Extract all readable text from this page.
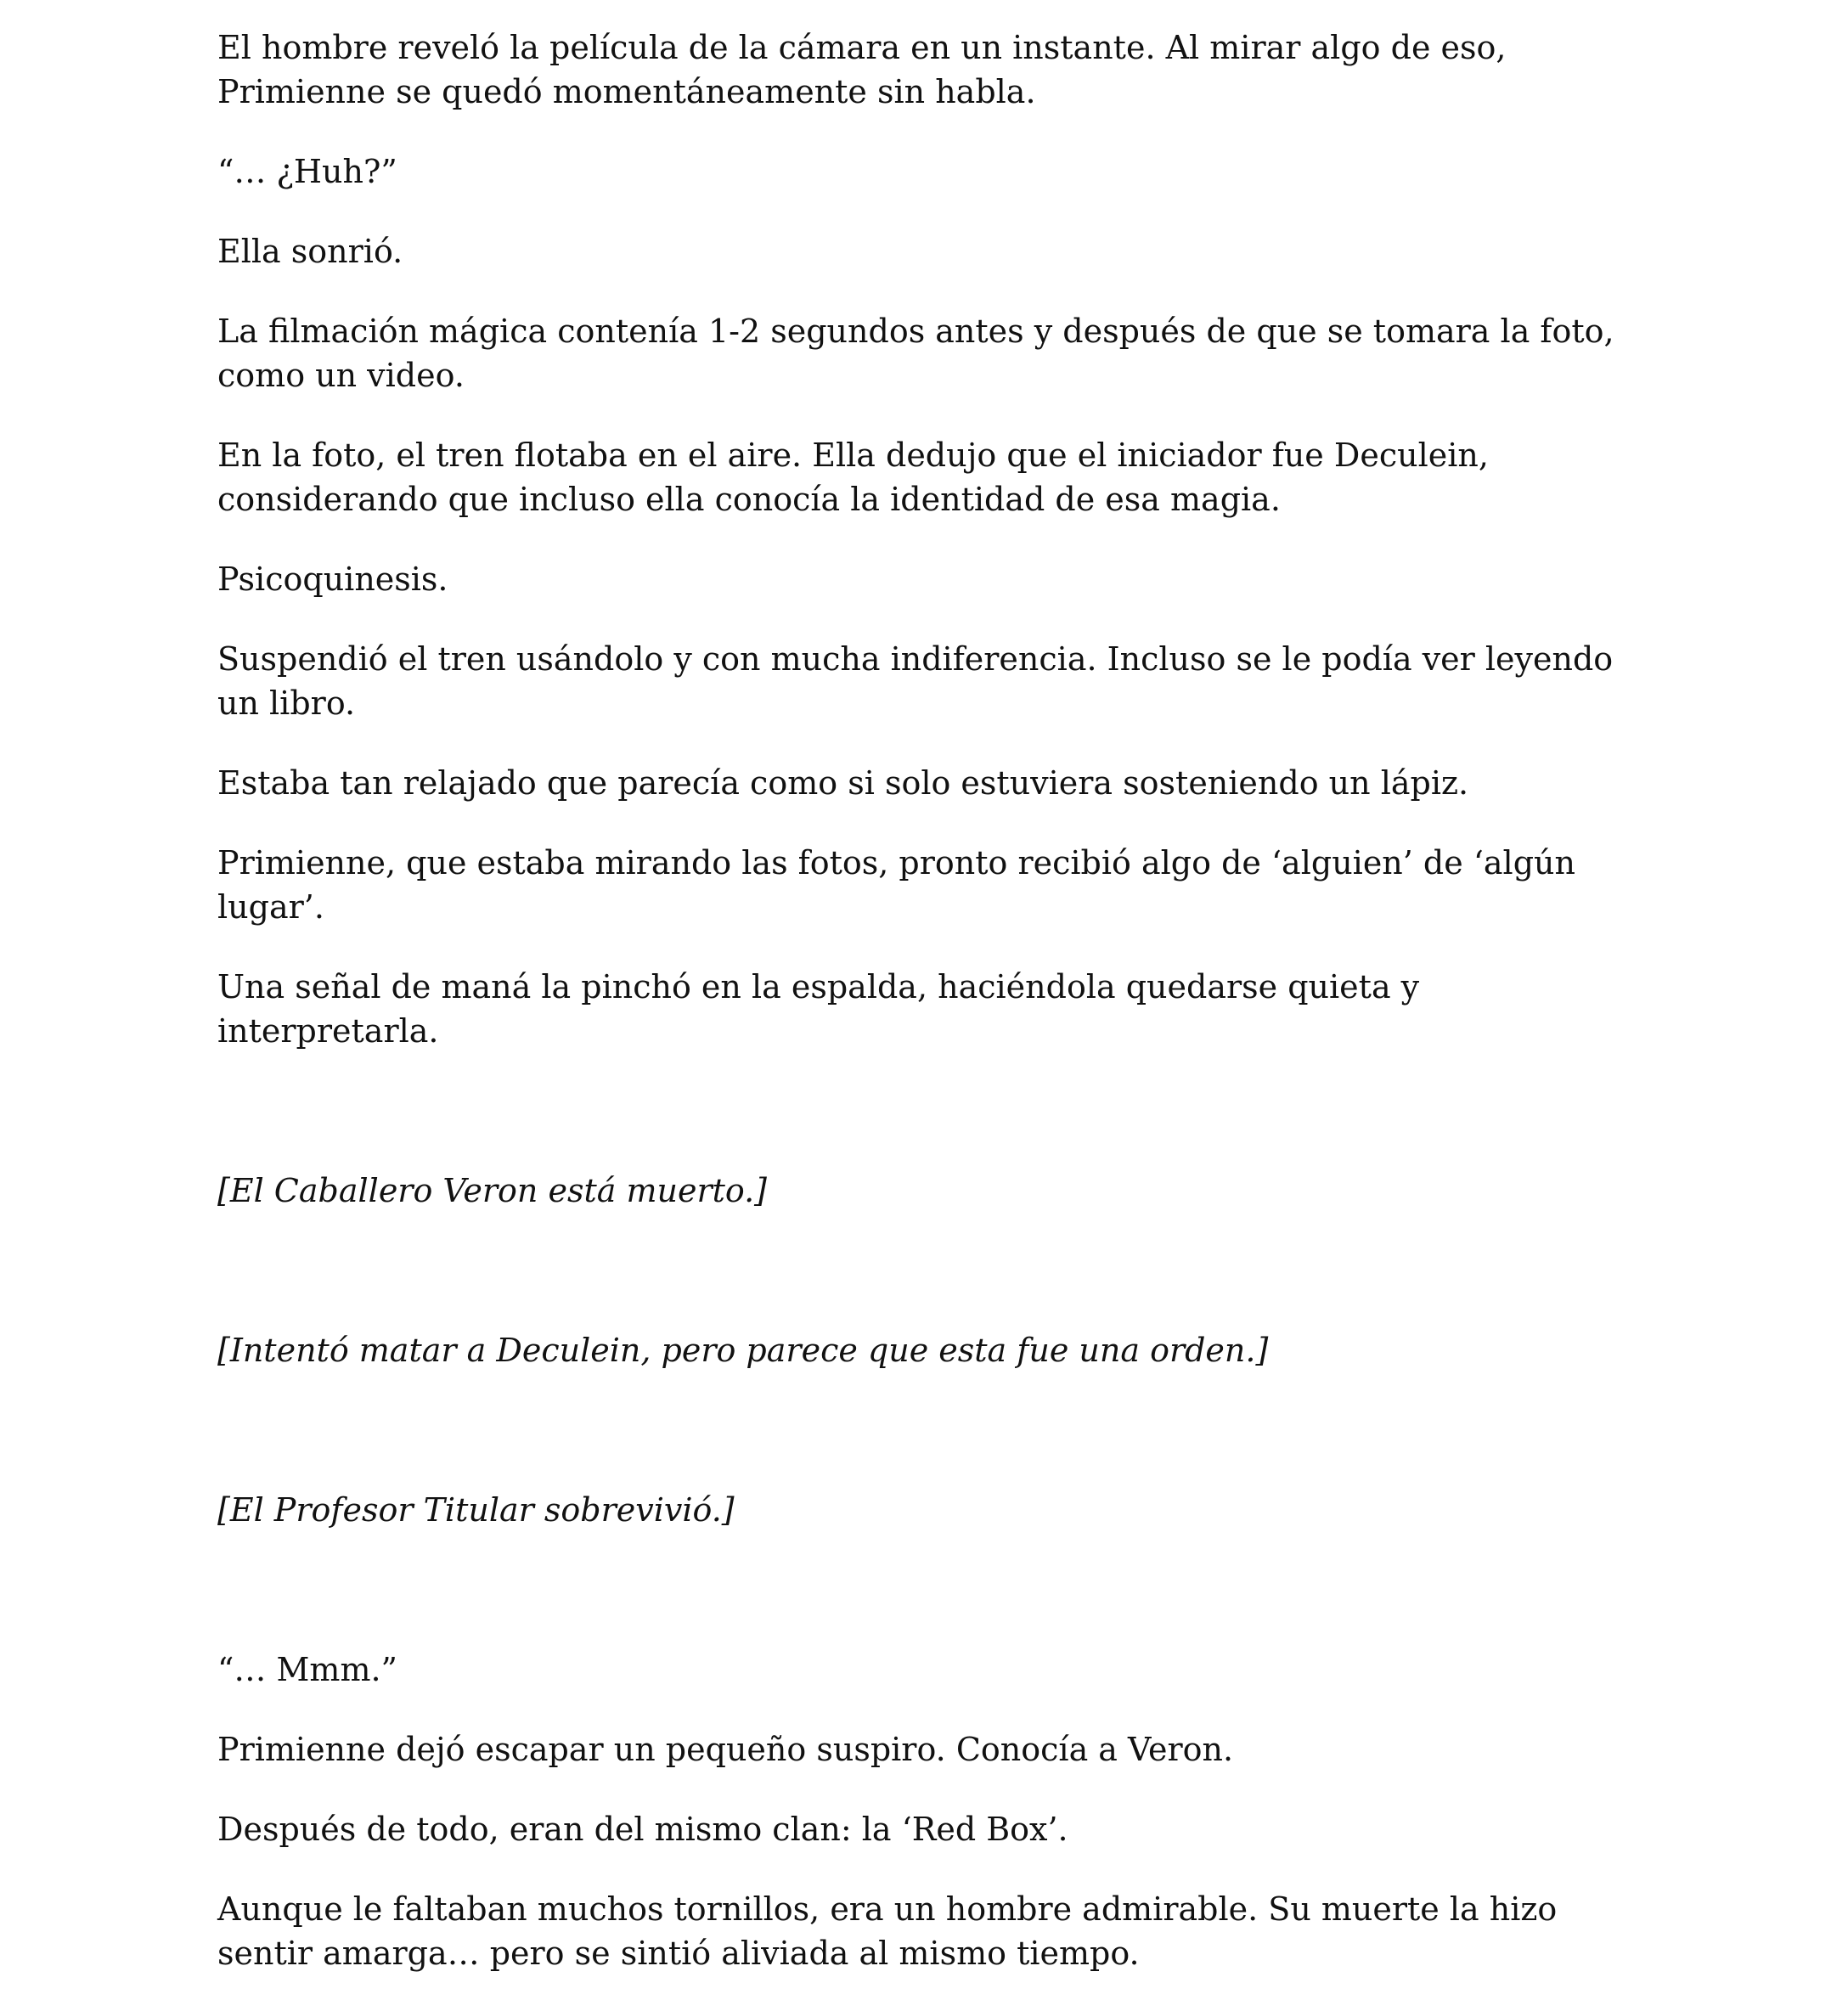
El hombre reveló la película de la cámara en un instante. Al mirar algo de eso, Primienne se quedó momentáneamente sin habla.

“… ¿Huh?”

Ella sonrió.

La filmación mágica contenía 1-2 segundos antes y después de que se tomara la foto, como un video.

En la foto, el tren flotaba en el aire. Ella dedujo que el iniciador fue Deculein, considerando que incluso ella conocía la identidad de esa magia.

Psicoquinesis.

Suspendió el tren usándolo y con mucha indiferencia. Incluso se le podía ver leyendo un libro.

Estaba tan relajado que parecía como si solo estuviera sosteniendo un lápiz.

Primienne, que estaba mirando las fotos, pronto recibió algo de ‘alguien’ de ‘algún lugar’.

Una señal de maná la pinchó en la espalda, haciéndola quedarse quieta y interpretarla.

[El Caballero Veron está muerto.]

[Intentó matar a Deculein, pero parece que esta fue una orden.]

[El Profesor Titular sobrevivió.]

“… Mmm.”

Primienne dejó escapar un pequeño suspiro. Conocía a Veron.

Después de todo, eran del mismo clan: la ‘Red Box’.

Aunque le faltaban muchos tornillos, era un hombre admirable. Su muerte la hizo sentir amarga… pero se sintió aliviada al mismo tiempo.
